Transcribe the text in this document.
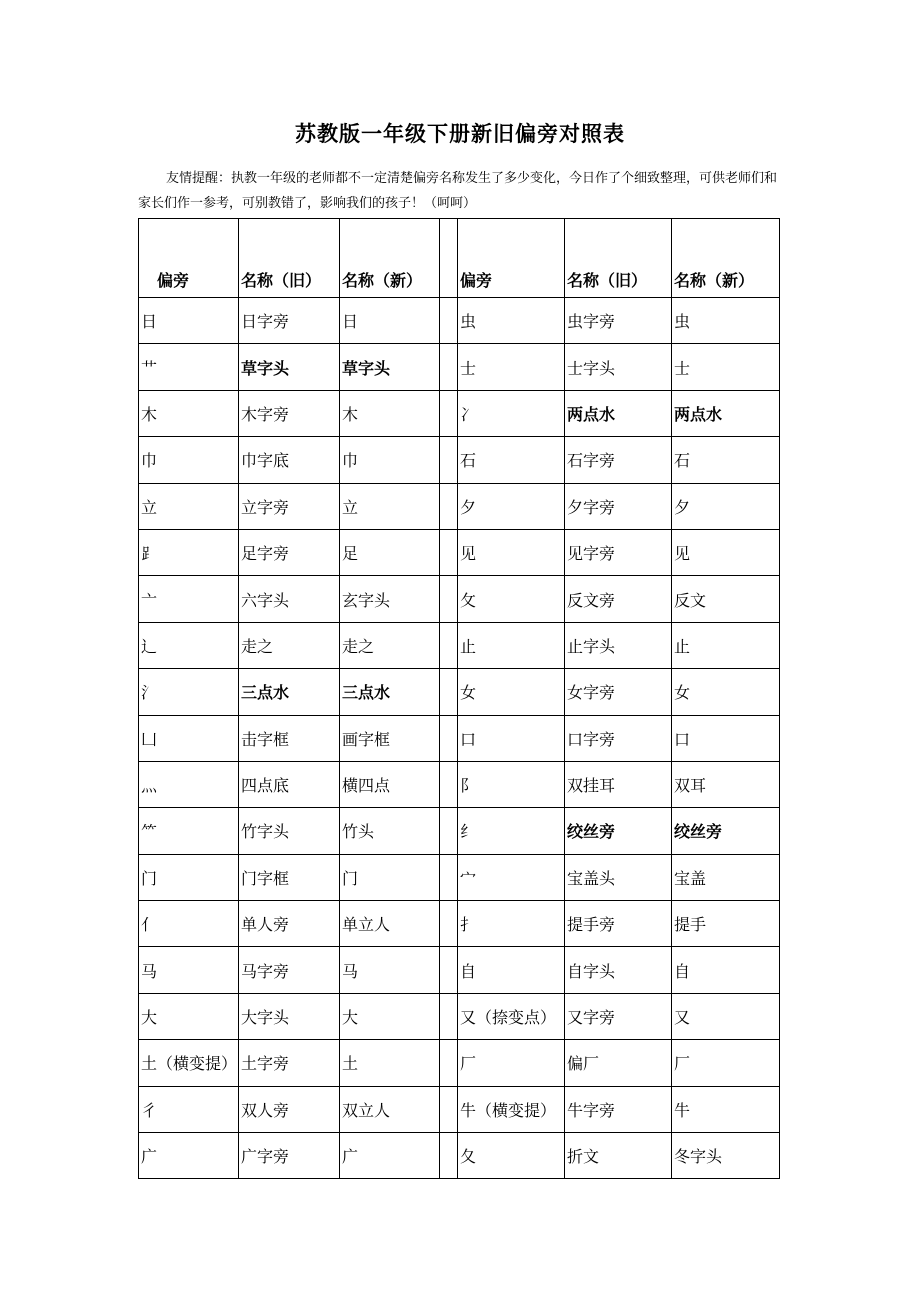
苏教版一年级下册新旧偏旁对照表
友情提醒：执教一年级的老师都不一定清楚偏旁名称发生了多少变化，今日作了个细致整理，可供老师们和家长们作一参考，可别教错了，影响我们的孩子！（呵呵）
偏旁	名称（旧）	名称（新）		偏旁	名称（旧）	名称（新）
日	日字旁	日		虫	虫字旁	虫
艹	草字头	草字头		士	士字头	士
木	木字旁	木		冫	两点水	两点水
巾	巾字底	巾		石	石字旁	石
立	立字旁	立		夕	夕字旁	夕
⻊	足字旁	足		见	见字旁	见
亠	六字头	玄字头		攵	反文旁	反文
辶	走之	走之		止	止字头	止
氵	三点水	三点水		女	女字旁	女
凵	击字框	画字框		口	口字旁	口
灬	四点底	横四点		阝	双挂耳	双耳
⺮	竹字头	竹头		纟	绞丝旁	绞丝旁
门	门字框	门		宀	宝盖头	宝盖
亻	单人旁	单立人		扌	提手旁	提手
马	马字旁	马		自	自字头	自
大	大字头	大		又（捺变点）	又字旁	又
土（横变提）	土字旁	土		厂	偏厂	厂
彳	双人旁	双立人		牛（横变提）	牛字旁	牛
广	广字旁	广		夂	折文	冬字头
